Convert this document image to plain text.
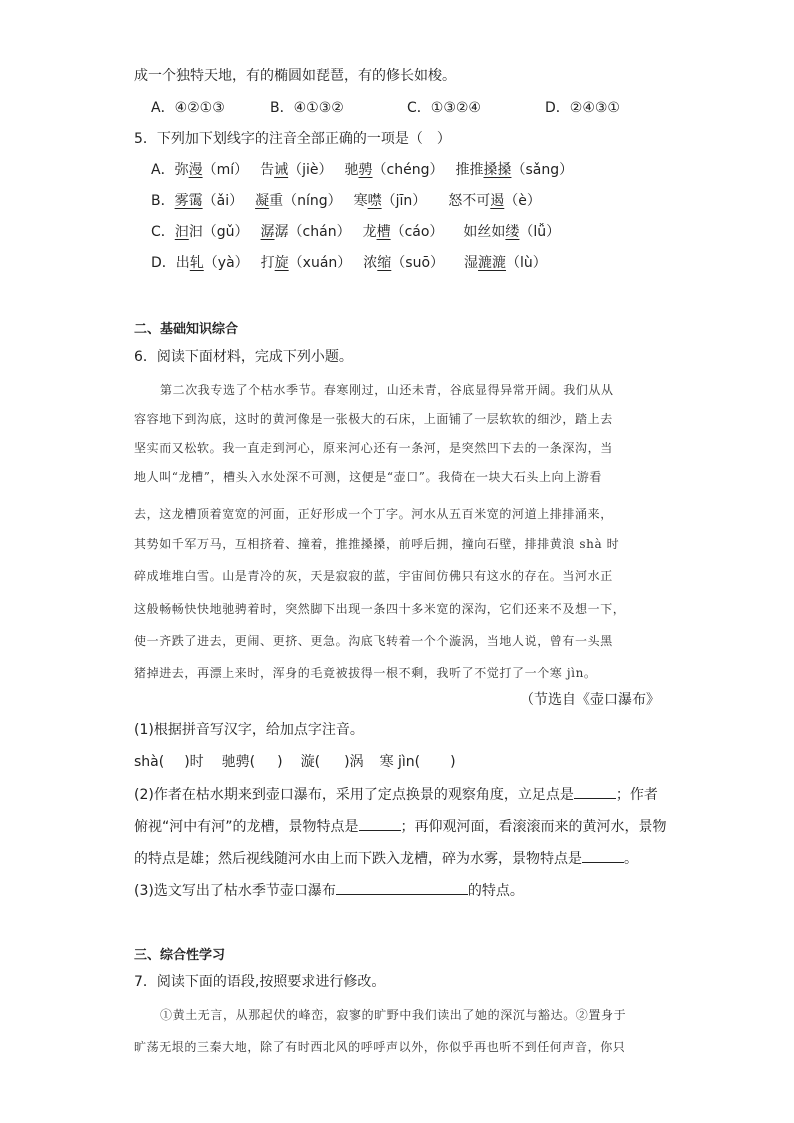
成一个独特天地，有的椭圆如琵琶，有的修长如梭。
A．④②①③	B．④①③②	C．①③②④	D．②④③①
5．下列加下划线字的注音全部正确的一项是（　）
A．弥漫（mí） 告诫（jiè） 驰骋（chéng） 推推搡搡（sǎng）
B．雾霭（ǎi） 凝重（níng） 寒噤（jīn） 怒不可遏（è）
C．汩汩（gǔ） 潺潺（chán） 龙槽（cáo） 如丝如缕（lǚ）
D．出轧（yà） 打旋（xuán） 浓缩（suō） 湿漉漉（lù）
二、基础知识综合
6．阅读下面材料，完成下列小题。
第二次我专选了个枯水季节。春寒刚过，山还未青，谷底显得异常开阔。我们从从
容容地下到沟底，这时的黄河像是一张极大的石床，上面铺了一层软软的细沙，踏上去
坚实而又松软。我一直走到河心，原来河心还有一条河，是突然凹下去的一条深沟，当
地人叫“龙槽”，槽头入水处深不可测，这便是“壶口”。我倚在一块大石头上向上游看
去，这龙槽顶着宽宽的河面，正好形成一个丁字。河水从五百米宽的河道上排排涌来，
其势如千军万马，互相挤着、撞着，推推搡搡，前呼后拥，撞向石壁，排排黄浪 shà 时
碎成堆堆白雪。山是青冷的灰，天是寂寂的蓝，宇宙间仿佛只有这水的存在。当河水正
这般畅畅快快地驰骋着时，突然脚下出现一条四十多米宽的深沟，它们还来不及想一下，
使一齐跌了进去，更闹、更挤、更急。沟底飞转着一个个漩涡，当地人说，曾有一头黑
猪掉进去，再漂上来时，浑身的毛竟被拔得一根不剩，我听了不觉打了一个寒 jìn。
（节选自《壶口瀑布》
(1)根据拼音写汉字，给加点字注音。
shà( )时 驰骋( ) 漩( )涡 寒 jìn( )
(2)作者在枯水期来到壶口瀑布，采用了定点换景的观察角度，立足点是	；作者
俯视“河中有河”的龙槽，景物特点是	；再仰观河面，看滚滚而来的黄河水，景物
的特点是雄；然后视线随河水由上而下跌入龙槽，碎为水雾，景物特点是	。
(3)选文写出了枯水季节壶口瀑布	的特点。
三、综合性学习
7．阅读下面的语段,按照要求进行修改。
①黄土无言，从那起伏的峰峦，寂寥的旷野中我们读出了她的深沉与豁达。②置身于
旷荡无垠的三秦大地，除了有时西北风的呼呼声以外，你似乎再也听不到任何声音，你只
